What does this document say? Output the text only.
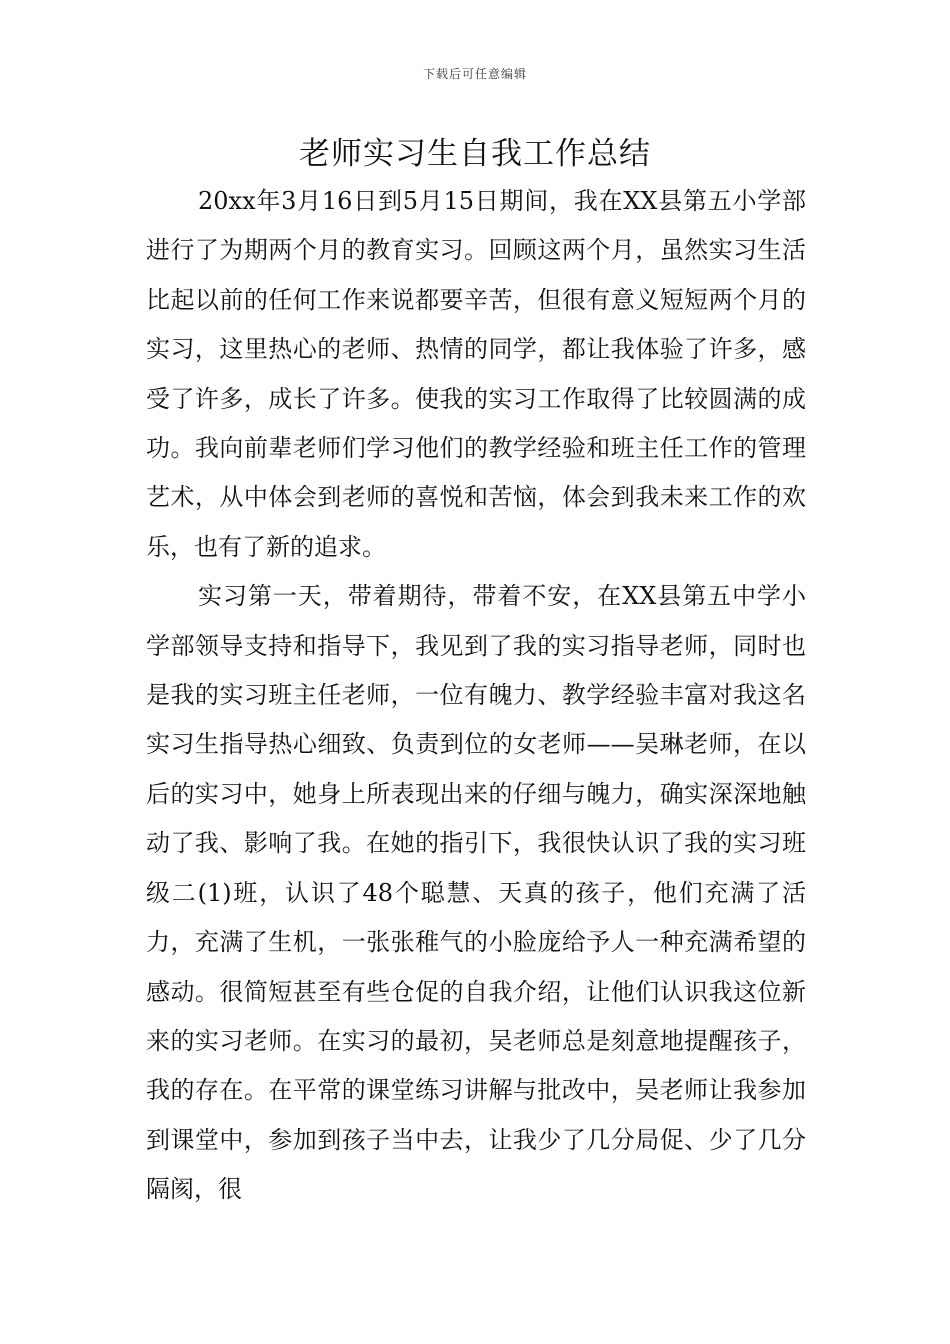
下载后可任意编辑
老师实习生自我工作总结

20xx年3月16日到5月15日期间，我在XX县第五小学部进行了为期两个月的教育实习。回顾这两个月，虽然实习生活比起以前的任何工作来说都要辛苦，但很有意义短短两个月的实习，这里热心的老师、热情的同学，都让我体验了许多，感受了许多，成长了许多。使我的实习工作取得了比较圆满的成功。我向前辈老师们学习他们的教学经验和班主任工作的管理艺术，从中体会到老师的喜悦和苦恼，体会到我未来工作的欢乐，也有了新的追求。

实习第一天，带着期待，带着不安，在XX县第五中学小学部领导支持和指导下，我见到了我的实习指导老师，同时也是我的实习班主任老师，一位有魄力、教学经验丰富对我这名实习生指导热心细致、负责到位的女老师——吴琳老师，在以后的实习中，她身上所表现出来的仔细与魄力，确实深深地触动了我、影响了我。在她的指引下，我很快认识了我的实习班级二(1)班，认识了48个聪慧、天真的孩子，他们充满了活力，充满了生机，一张张稚气的小脸庞给予人一种充满希望的感动。很简短甚至有些仓促的自我介绍，让他们认识我这位新来的实习老师。在实习的最初，吴老师总是刻意地提醒孩子，我的存在。在平常的课堂练习讲解与批改中，吴老师让我参加到课堂中，参加到孩子当中去，让我少了几分局促、少了几分隔阂，很
